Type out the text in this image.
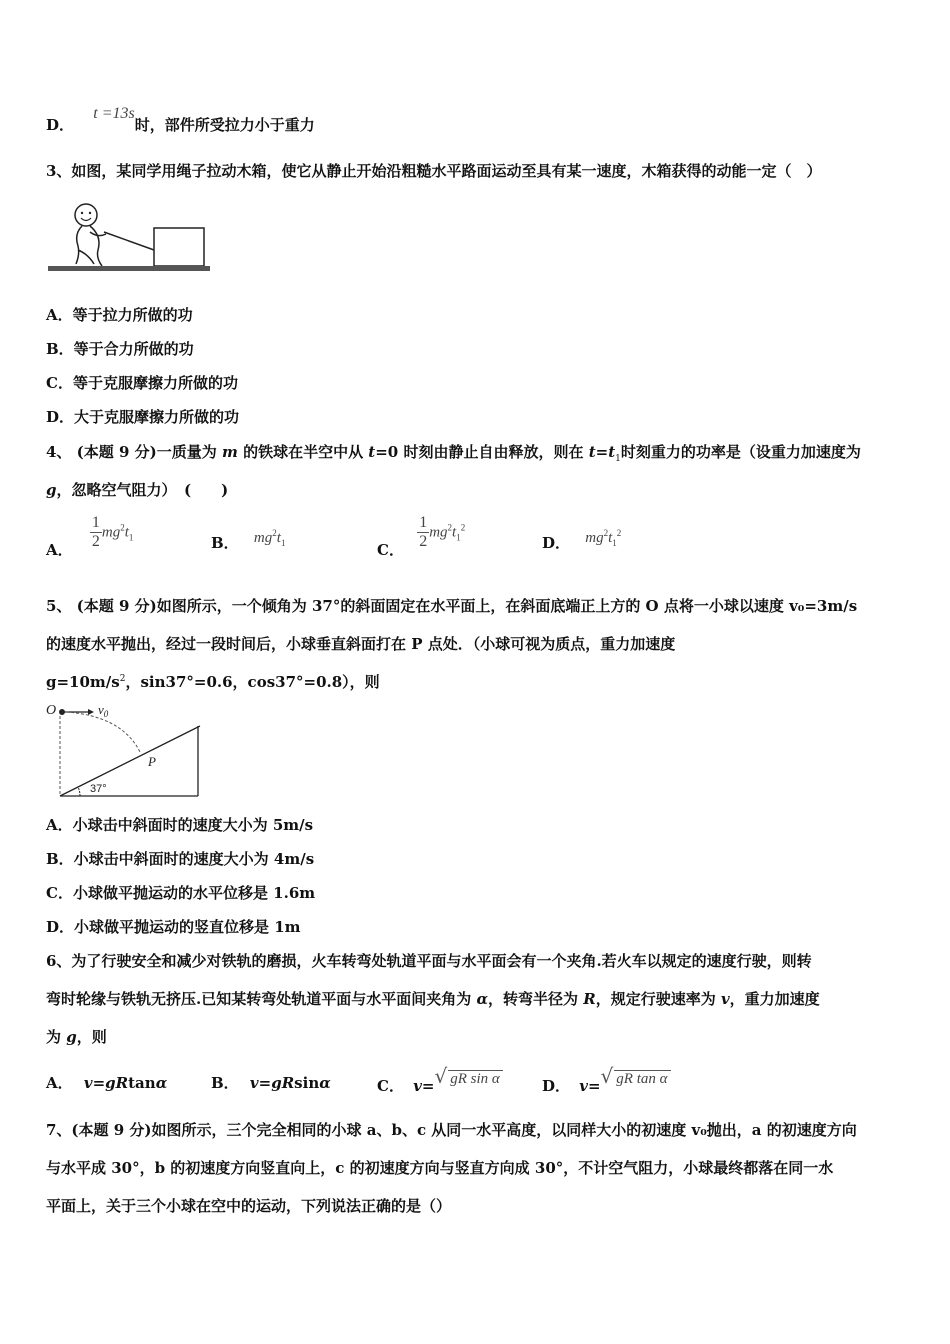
D． t =13s时，部件所受拉力小于重力
3、如图，某同学用绳子拉动木箱，使它从静止开始沿粗糙水平路面运动至具有某一速度，木箱获得的动能一定（　）
A．等于拉力所做的功
B．等于合力所做的功
C．等于克服摩擦力所做的功
D．大于克服摩擦力所做的功
4、 (本题 9 分)一质量为 m 的铁球在半空中从 t=0 时刻由静止自由释放，则在 $t=t_1$时刻重力的功率是（设重力加速度为
g，忽略空气阻力）　(　　)
A． $\frac{1}{2} mg^2t_1$	B． $mg^2t_1$	C． $\frac{1}{2} mg^2t_1^2$
D． $mg^2t_1^2$
5、 (本题 9 分)如图所示，一个倾角为 37°的斜面固定在水平面上，在斜面底端正上方的 O 点将一小球以速度 v₀=3m/s
的速度水平抛出，经过一段时间后，小球垂直斜面打在 P 点处．（小球可视为质点，重力加速度
$g=10m/s^2$，sin37°=0.6，cos37°=0.8），则
O	$v_0$
P
37°
A．小球击中斜面时的速度大小为 5m/s
B．小球击中斜面时的速度大小为 4m/s
C．小球做平抛运动的水平位移是 1.6m
D．小球做平抛运动的竖直位移是 1m
6、为了行驶安全和减少对铁轨的磨损，火车转弯处轨道平面与水平面会有一个夹角.若火车以规定的速度行驶，则转
弯时轮缘与铁轨无挤压.已知某转弯处轨道平面与水平面间夹角为 α，转弯半径为 R，规定行驶速率为 v，重力加速度
为 g，则
A． v=gRtanα	B． v=gRsinα	C． v=√ gR sin α	D． v=√ gR tan α
7、(本题 9 分)如图所示，三个完全相同的小球 a、b、c 从同一水平高度，以同样大小的初速度 v₀抛出，a 的初速度方向
与水平成 30°，b 的初速度方向竖直向上，c 的初速度方向与竖直方向成 30°，不计空气阻力，小球最终都落在同一水
平面上，关于三个小球在空中的运动，下列说法正确的是（）
